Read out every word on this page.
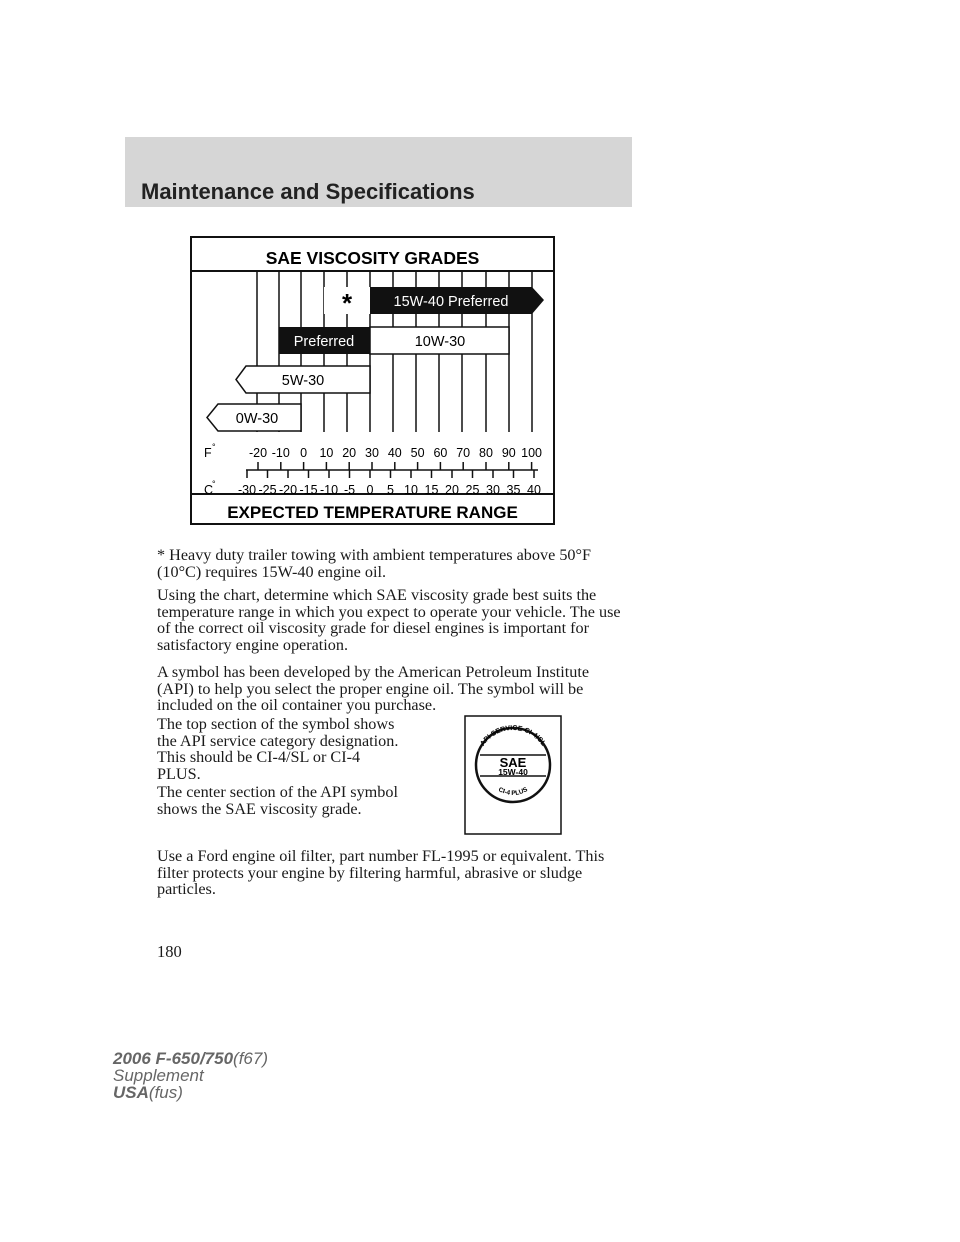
Maintenance and Specifications
SAE VISCOSITY GRADES
EXPECTED TEMPERATURE RANGE
15W-40 Preferred
*
Preferred	10W-30
5W-30
0W-30
F °
C
°
-20 -10 0 10 20 30 40 50 60 70 80 90 100
-30 -25 -20 -15 -10 -5 0 5 10 15 20 25 30 35 40

* Heavy duty trailer towing with ambient temperatures above 50°F (10°C) requires 15W-40 engine oil.

Using the chart, determine which SAE viscosity grade best suits the temperature range in which you expect to operate your vehicle. The use of the correct oil viscosity grade for diesel engines is important for satisfactory engine operation.

A symbol has been developed by the American Petroleum Institute (API) to help you select the proper engine oil. The symbol will be included on the oil container you purchase.

The top section of the symbol shows the API service category designation. This should be CI-4/SL or CI-4 PLUS.

The center section of the API symbol shows the SAE viscosity grade.

Use a Ford engine oil filter, part number FL-1995 or equivalent. This filter protects your engine by filtering harmful, abrasive or sludge particles.

API SERVICE CI-4/SL
SAE
15W-40
CI-4 PLUS

180

2006 F-650/750(f67)
Supplement
USA(fus)
